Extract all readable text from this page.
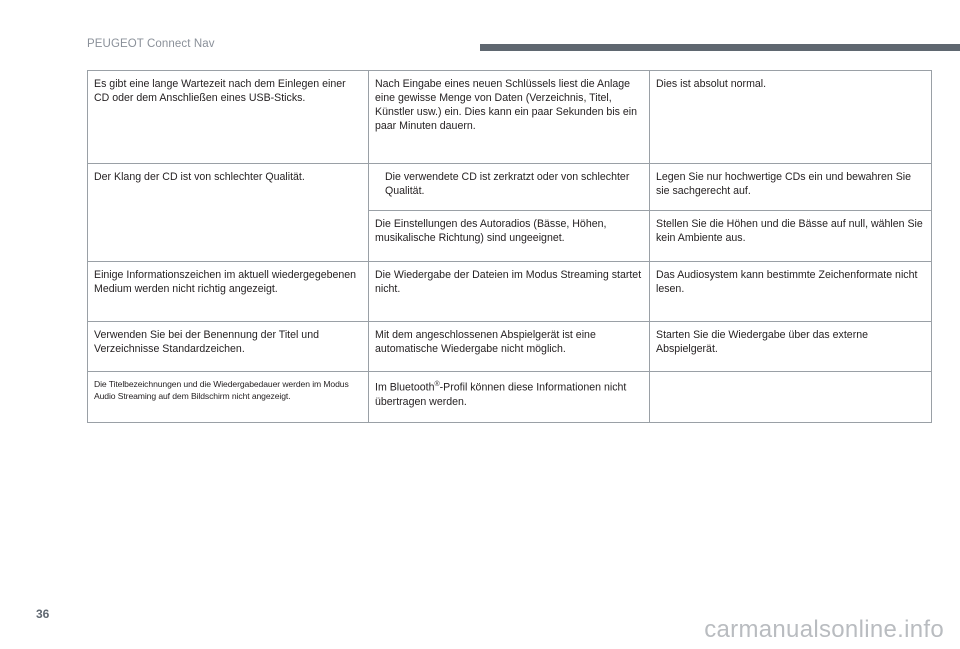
PEUGEOT Connect Nav
Es gibt eine lange Wartezeit nach dem Einlegen einer CD oder dem Anschließen eines USB-Sticks.	Nach Eingabe eines neuen Schlüssels liest die Anlage eine gewisse Menge von Daten (Verzeichnis, Titel, Künstler usw.) ein. Dies kann ein paar Sekunden bis ein paar Minuten dauern.	Dies ist absolut normal.
Der Klang der CD ist von schlechter Qualität.	Die verwendete CD ist zerkratzt oder von schlechter Qualität.	Legen Sie nur hochwertige CDs ein und bewahren Sie sie sachgerecht auf.
	Die Einstellungen des Autoradios (Bässe, Höhen, musikalische Richtung) sind ungeeignet.	Stellen Sie die Höhen und die Bässe auf null, wählen Sie kein Ambiente aus.
Einige Informationszeichen im aktuell wiedergegebenen Medium werden nicht richtig angezeigt.	Die Wiedergabe der Dateien im Modus Streaming startet nicht.	Das Audiosystem kann bestimmte Zeichenformate nicht lesen.
Verwenden Sie bei der Benennung der Titel und Verzeichnisse Standardzeichen.	Mit dem angeschlossenen Abspielgerät ist eine automatische Wiedergabe nicht möglich.	Starten Sie die Wiedergabe über das externe Abspielgerät.
Die Titelbezeichnungen und die Wiedergabedauer werden im Modus Audio Streaming auf dem Bildschirm nicht angezeigt.	Im Bluetooth®-Profil können diese Informationen nicht übertragen werden.	
36
carmanualsonline.info
